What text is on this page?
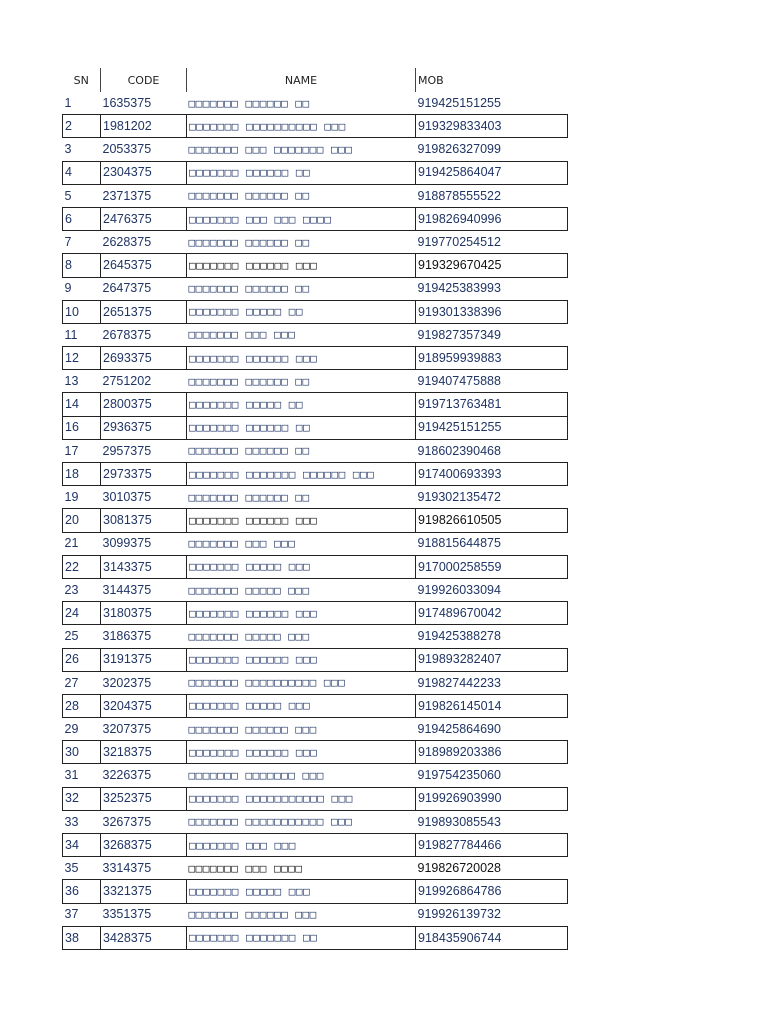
SN	CODE	NAME	MOB
1	1635375	□□□□□□□ □□□□□□ □□	919425151255
2	1981202	□□□□□□□ □□□□□□□□□□ □□□	919329833403
3	2053375	□□□□□□□ □□□ □□□□□□□ □□□	919826327099
4	2304375	□□□□□□□ □□□□□□ □□	919425864047
5	2371375	□□□□□□□ □□□□□□ □□	918878555522
6	2476375	□□□□□□□ □□□ □□□ □□□□	919826940996
7	2628375	□□□□□□□ □□□□□□ □□	919770254512
8	2645375	□□□□□□□ □□□□□□ □□□	919329670425
9	2647375	□□□□□□□ □□□□□□ □□	919425383993
10	2651375	□□□□□□□ □□□□□ □□	919301338396
11	2678375	□□□□□□□ □□□ □□□	919827357349
12	2693375	□□□□□□□ □□□□□□ □□□	918959939883
13	2751202	□□□□□□□ □□□□□□ □□	919407475888
14	2800375	□□□□□□□ □□□□□ □□	919713763481
16	2936375	□□□□□□□ □□□□□□ □□	919425151255
17	2957375	□□□□□□□ □□□□□□ □□	918602390468
18	2973375	□□□□□□□ □□□□□□□ □□□□□□ □□□	917400693393
19	3010375	□□□□□□□ □□□□□□ □□	919302135472
20	3081375	□□□□□□□ □□□□□□ □□□	919826610505
21	3099375	□□□□□□□ □□□ □□□	918815644875
22	3143375	□□□□□□□ □□□□□ □□□	917000258559
23	3144375	□□□□□□□ □□□□□ □□□	919926033094
24	3180375	□□□□□□□ □□□□□□ □□□	917489670042
25	3186375	□□□□□□□ □□□□□ □□□	919425388278
26	3191375	□□□□□□□ □□□□□□ □□□	919893282407
27	3202375	□□□□□□□ □□□□□□□□□□ □□□	919827442233
28	3204375	□□□□□□□ □□□□□ □□□	919826145014
29	3207375	□□□□□□□ □□□□□□ □□□	919425864690
30	3218375	□□□□□□□ □□□□□□ □□□	918989203386
31	3226375	□□□□□□□ □□□□□□□ □□□	919754235060
32	3252375	□□□□□□□ □□□□□□□□□□□ □□□	919926903990
33	3267375	□□□□□□□ □□□□□□□□□□□ □□□	919893085543
34	3268375	□□□□□□□ □□□ □□□	919827784466
35	3314375	□□□□□□□ □□□ □□□□	919826720028
36	3321375	□□□□□□□ □□□□□ □□□	919926864786
37	3351375	□□□□□□□ □□□□□□ □□□	919926139732
38	3428375	□□□□□□□ □□□□□□□ □□	918435906744
